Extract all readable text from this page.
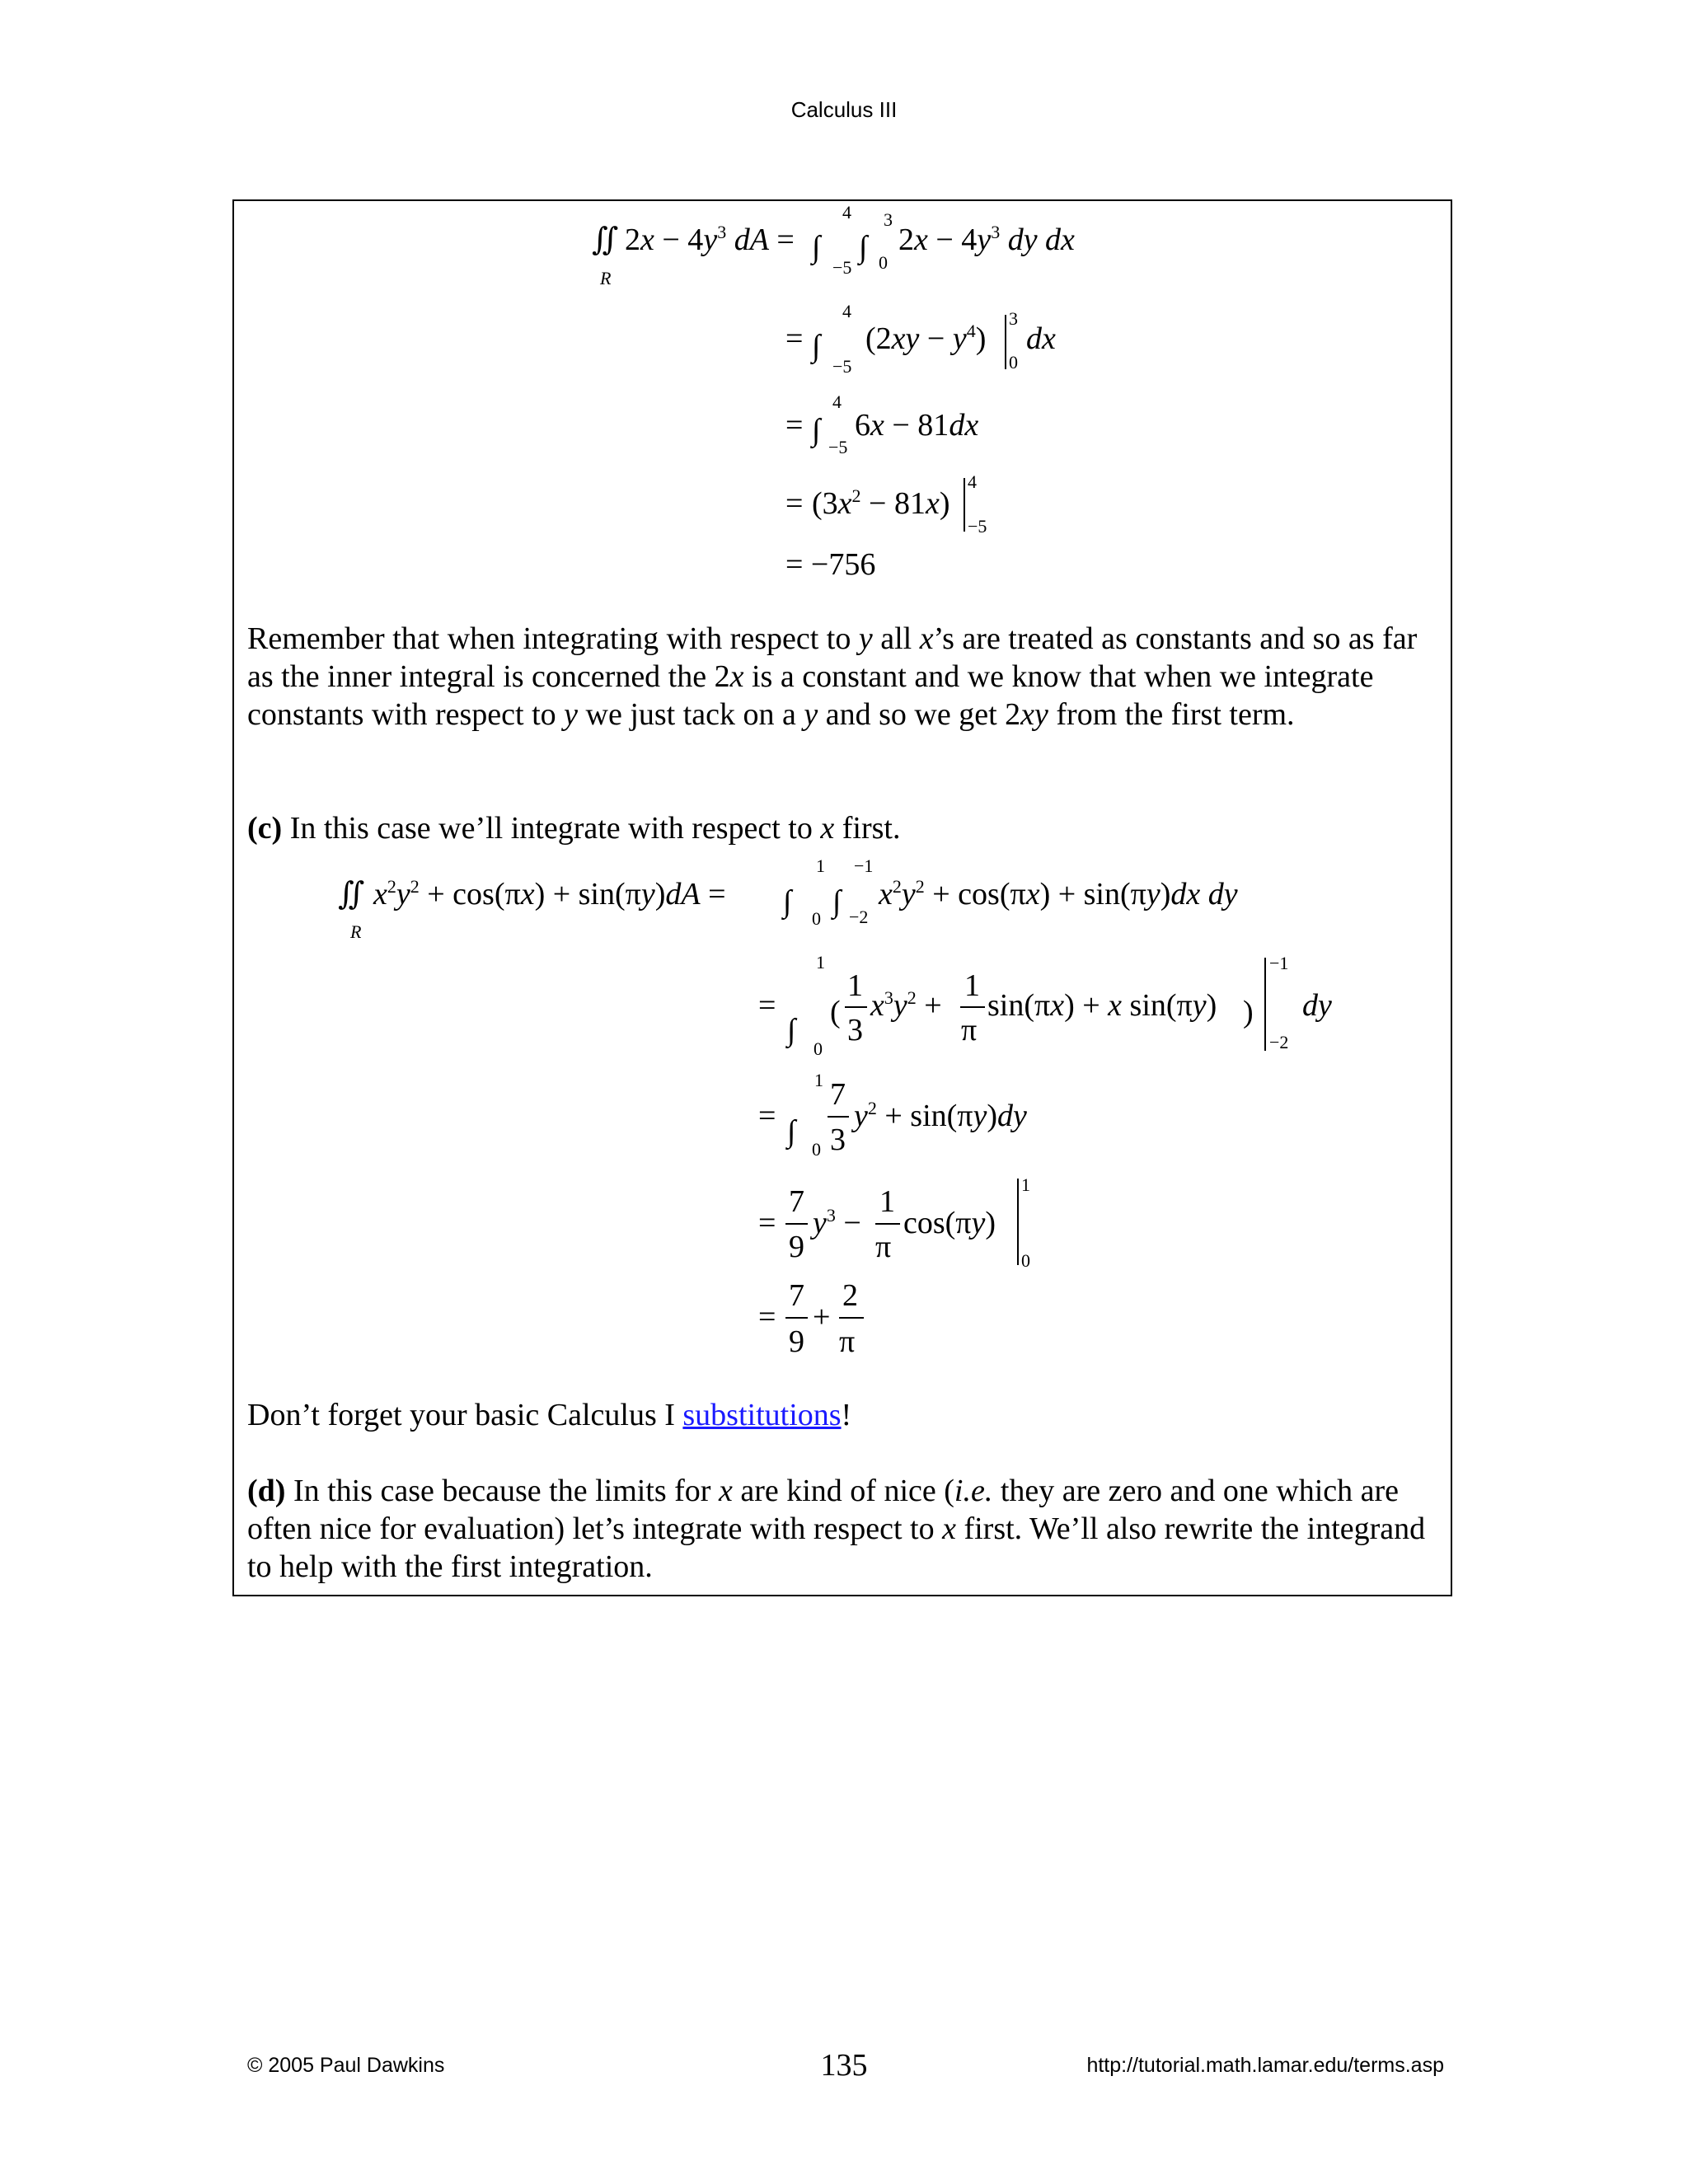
Calculus III
∬
R
$2x - 4y^3$ dA = ∫
4
−5
∫
3
0
$2x - 4y^3$ dy dx
= ∫
4
−5
$(2xy - y^4)$
3
0
dx
= ∫
4
−5
6x − 81dx
= $(3x^2 - 81x)$
4
−5
= −756
Remember that when integrating with respect to y all x’s are treated as constants and so as far as the inner integral is concerned the 2x is a constant and we know that when we integrate constants with respect to y we just tack on a y and so we get 2xy from the first term.
(c) In this case we’ll integrate with respect to x first.
∬
R
$x^2y^2 + \cos(\pi x) + \sin(\pi y)dA$ = ∫
1
0 ∫
−1
−2
$x^2y^2 + \cos(\pi x) + \sin(\pi y)dx$ dy
=
∫
1
0
(
1
3
$x^3y^2$ +
1
π
sin(πx) + x sin(πy) )
−1
−2
dy
= ∫
1
0
7
3
$y^2 + \sin(\pi y)dy$
=
7
9
$y^3$ −
1
π
cos(πy)
1
0
=
7
9
+
2
π
Don’t forget your basic Calculus I substitutions!
(d) In this case because the limits for x are kind of nice (i.e. they are zero and one which are often nice for evaluation) let’s integrate with respect to x first. We’ll also rewrite the integrand to help with the first integration.
© 2005 Paul Dawkins	135	http://tutorial.math.lamar.edu/terms.asp
